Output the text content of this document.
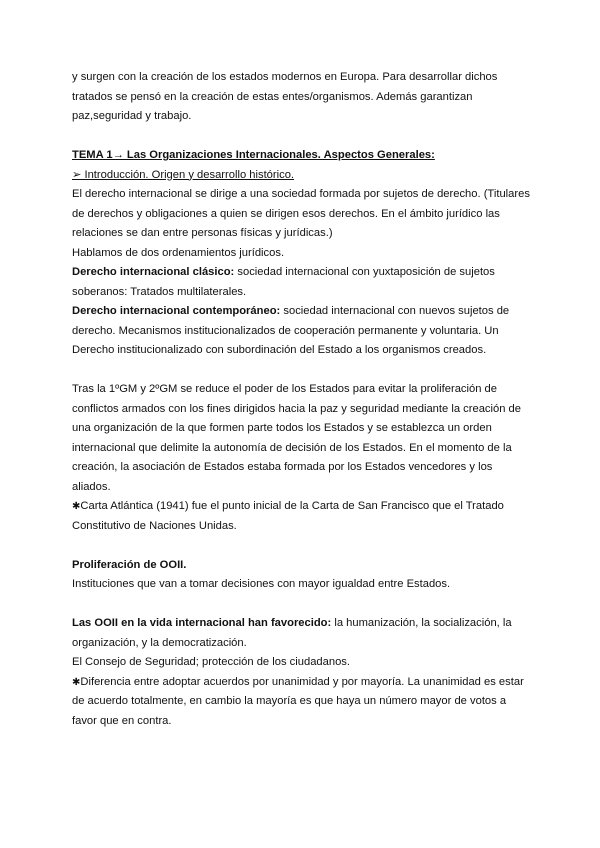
y surgen con la creación de los estados modernos en Europa. Para desarrollar dichos
tratados se pensó en la creación de estas entes/organismos. Además garantizan
paz,seguridad y trabajo.
TEMA 1→ Las Organizaciones Internacionales. Aspectos Generales:
➢ Introducción. Origen y desarrollo histórico.
El derecho internacional se dirige a una sociedad formada por sujetos de derecho. (Titulares
de derechos y obligaciones a quien se dirigen esos derechos. En el ámbito jurídico las
relaciones se dan entre personas físicas y jurídicas.)
Hablamos de dos ordenamientos jurídicos.
Derecho internacional clásico: sociedad internacional con yuxtaposición de sujetos
soberanos: Tratados multilaterales.
Derecho internacional contemporáneo: sociedad internacional con nuevos sujetos de
derecho. Mecanismos institucionalizados de cooperación permanente y voluntaria. Un
Derecho institucionalizado con subordinación del Estado a los organismos creados.
Tras la 1ºGM y 2ºGM se reduce el poder de los Estados para evitar la proliferación de
conflictos armados con los fines dirigidos hacia la paz y seguridad mediante la creación de
una organización de la que formen parte todos los Estados y se establezca un orden
internacional que delimite la autonomía de decisión de los Estados. En el momento de la
creación, la asociación de Estados estaba formada por los Estados vencedores y los
aliados.
✱Carta Atlántica (1941) fue el punto inicial de la Carta de San Francisco que el Tratado
Constitutivo de Naciones Unidas.
Proliferación de OOII.
Instituciones que van a tomar decisiones con mayor igualdad entre Estados.
Las OOII en la vida internacional han favorecido: la humanización, la socialización, la
organización, y la democratización.
El Consejo de Seguridad; protección de los ciudadanos.
✱Diferencia entre adoptar acuerdos por unanimidad y por mayoría. La unanimidad es estar
de acuerdo totalmente, en cambio la mayoría es que haya un número mayor de votos a
favor que en contra.
